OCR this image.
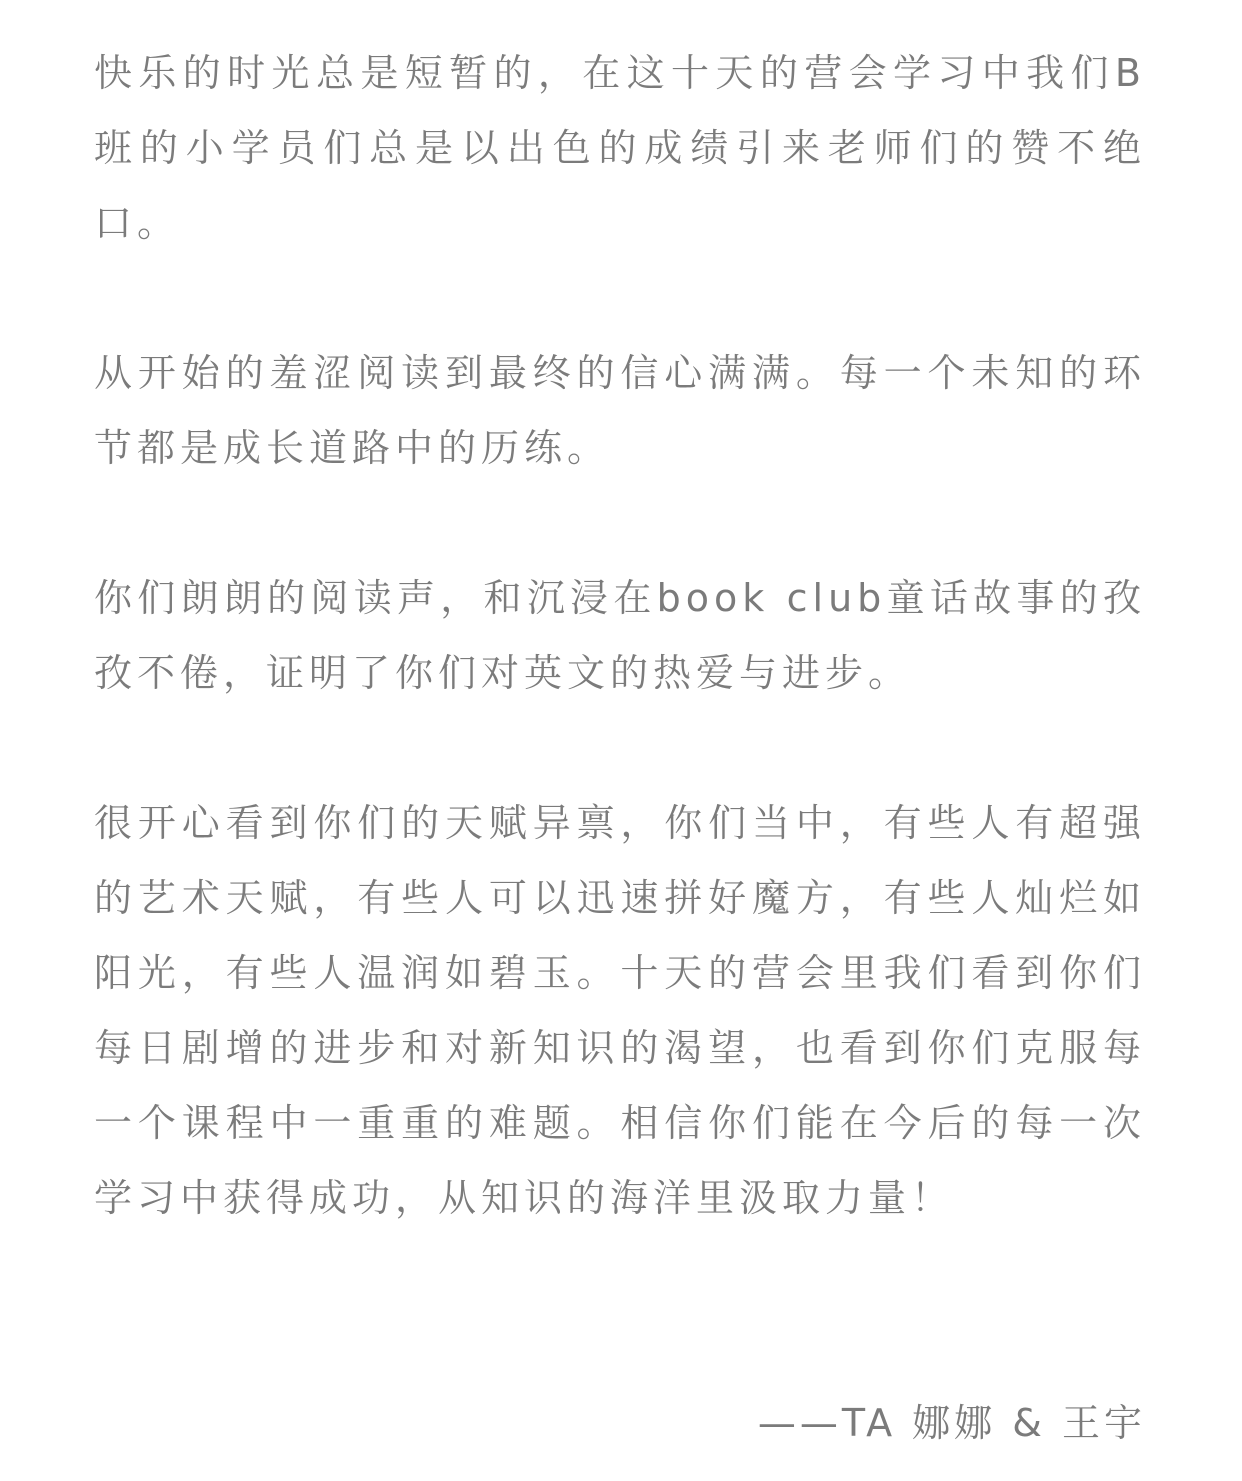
快乐的时光总是短暂的，在这十天的营会学习中我们B班的小学员们总是以出色的成绩引来老师们的赞不绝口。

从开始的羞涩阅读到最终的信心满满。每一个未知的环节都是成长道路中的历练。

你们朗朗的阅读声，和沉浸在book club童话故事的孜孜不倦，证明了你们对英文的热爱与进步。

很开心看到你们的天赋异禀，你们当中，有些人有超强的艺术天赋，有些人可以迅速拼好魔方，有些人灿烂如阳光，有些人温润如碧玉。十天的营会里我们看到你们每日剧增的进步和对新知识的渴望，也看到你们克服每一个课程中一重重的难题。相信你们能在今后的每一次学习中获得成功，从知识的海洋里汲取力量！

——TA 娜娜 & 王宇
